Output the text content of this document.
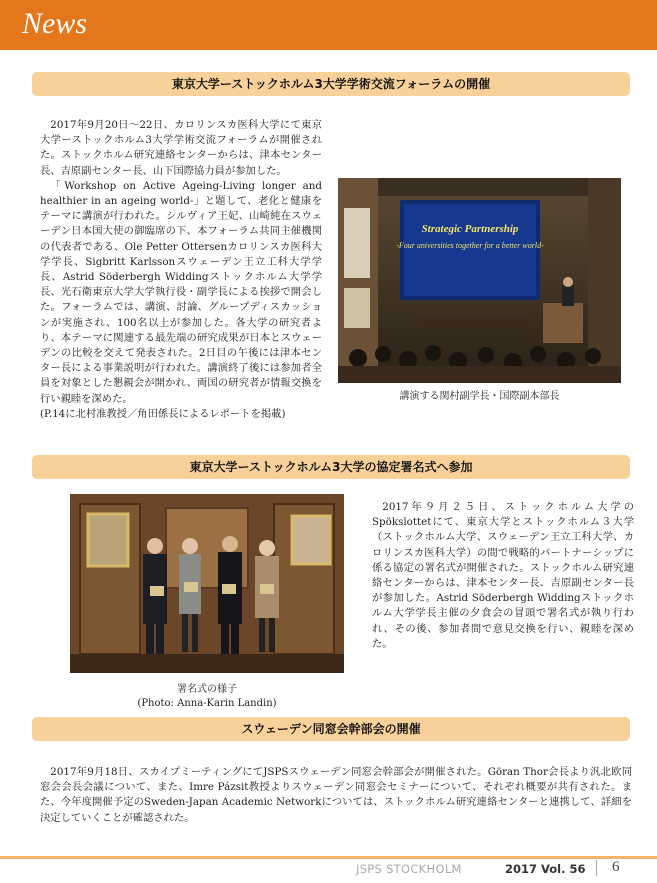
News
東京大学ーストックホルム3大学学術交流フォーラムの開催

2017年9月20日〜22日、カロリンスカ医科大学にて東京大学ーストックホルム3大学学術交流フォーラムが開催された。ストックホルム研究連絡センターからは、津本センター長、吉原副センター長、山下国際協力員が参加した。

「Workshop on Active Ageing-Living longer and healthier in an ageing world-」と題して、老化と健康をテーマに講演が行われた。シルヴィア王妃、山崎純在スウェーデン日本国大使の御臨席の下、本フォーラム共同主催機関の代表者である、Ole Petter Ottersenカロリンスカ医科大学学長、Sigbritt Karlssonスウェーデン王立工科大学学長、Astrid Söderbergh Widdingストックホルム大学学長、光石衛東京大学大学執行役・副学長による挨拶で開会した。フォーラムでは、講演、討論、グループディスカッションが実施され、100名以上が参加した。各大学の研究者より、本テーマに関連する最先端の研究成果が日本とスウェーデンの比較を交えて発表された。2日目の午後には津本センター長による事業説明が行われた。講演終了後には参加者全員を対象とした懇親会が開かれ、両国の研究者が情報交換を行い親睦を深めた。

(P.14に北村准教授／角田係長によるレポートを掲載)

Strategic Partnership
-Four universities together for a better world-
講演する関村副学長・国際副本部長
東京大学ーストックホルム3大学の協定署名式へ参加
署名式の様子
(Photo: Anna-Karin Landin)

2017年９月２５日、ストックホルム大学のSpökslottetにて、東京大学とストックホルム３大学（ストックホルム大学、スウェーデン王立工科大学、カロリンスカ医科大学）の間で戦略的パートナーシップに係る協定の署名式が開催された。ストックホルム研究連絡センターからは、津本センター長、吉原副センター長が参加した。Astrid Söderbergh Widdingストックホルム大学学長主催の夕食会の冒頭で署名式が執り行われ、その後、参加者間で意見交換を行い、親睦を深めた。

スウェーデン同窓会幹部会の開催

2017年9月18日、スカイプミーティングにてJSPSスウェーデン同窓会幹部会が開催された。Göran Thor会長より汎北欧同窓会会長会議について、また、Imre Pázsit教授よりスウェーデン同窓会セミナーについて、それぞれ概要が共有された。また、今年度開催予定のSweden-Japan Academic Networkについては、ストックホルム研究連絡センターと連携して、詳細を決定していくことが確認された。

JSPS STOCKHOLM	2017 Vol. 56 6
